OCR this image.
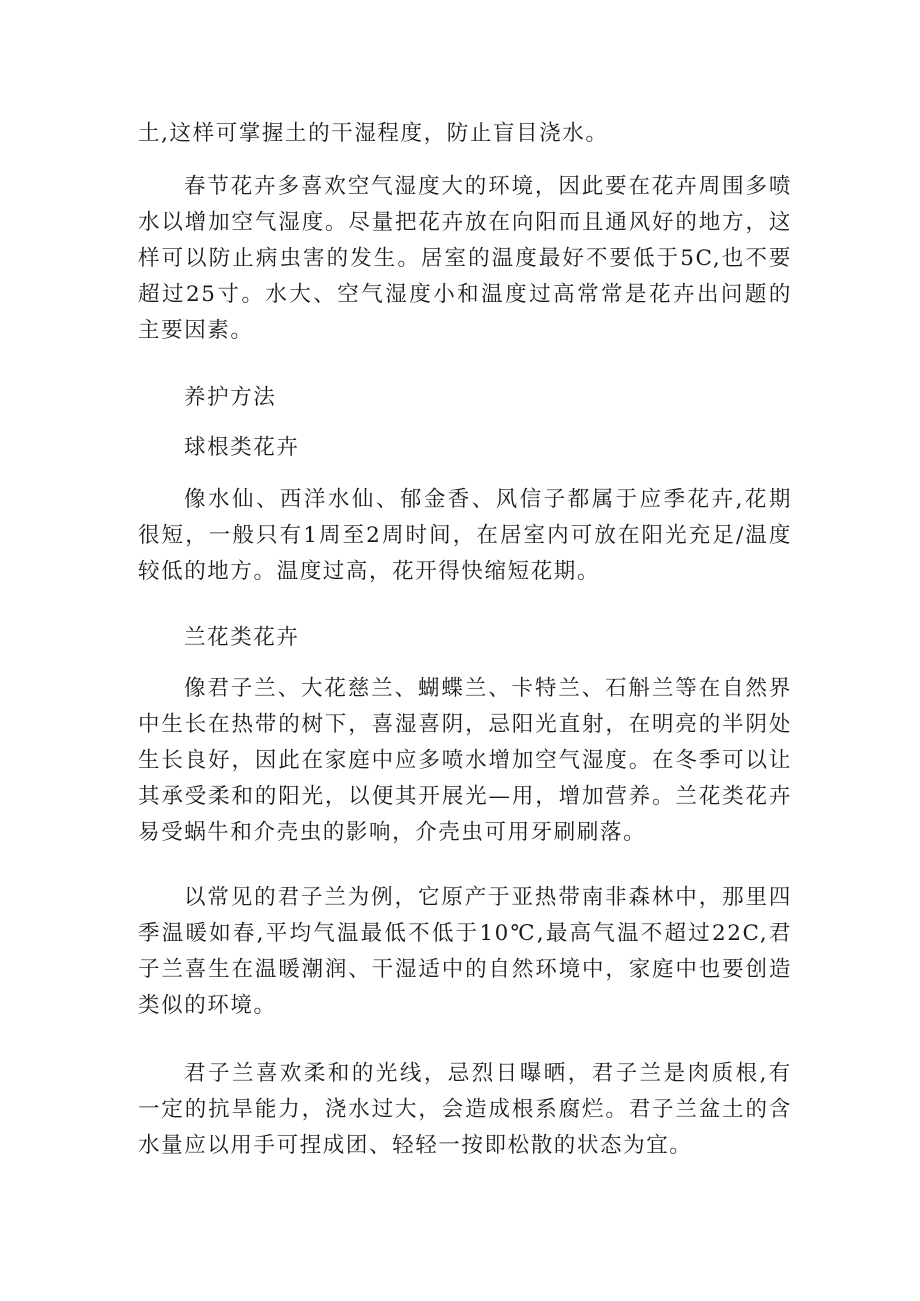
土,这样可掌握土的干湿程度，防止盲目浇水。

春节花卉多喜欢空气湿度大的环境，因此要在花卉周围多喷水以增加空气湿度。尽量把花卉放在向阳而且通风好的地方，这样可以防止病虫害的发生。居室的温度最好不要低于5C,也不要超过25寸。水大、空气湿度小和温度过高常常是花卉出问题的主要因素。

养护方法

球根类花卉

像水仙、西洋水仙、郁金香、风信子都属于应季花卉,花期很短，一般只有1周至2周时间，在居室内可放在阳光充足/温度较低的地方。温度过高，花开得快缩短花期。

兰花类花卉

像君子兰、大花慈兰、蝴蝶兰、卡特兰、石斛兰等在自然界中生长在热带的树下，喜湿喜阴，忌阳光直射，在明亮的半阴处生长良好，因此在家庭中应多喷水增加空气湿度。在冬季可以让其承受柔和的阳光，以便其开展光—用，增加营养。兰花类花卉易受蜗牛和介壳虫的影响，介壳虫可用牙刷刷落。

以常见的君子兰为例，它原产于亚热带南非森林中，那里四季温暖如春,平均气温最低不低于10℃,最高气温不超过22C,君子兰喜生在温暖潮润、干湿适中的自然环境中，家庭中也要创造类似的环境。

君子兰喜欢柔和的光线，忌烈日曝晒，君子兰是肉质根,有一定的抗旱能力，浇水过大，会造成根系腐烂。君子兰盆土的含水量应以用手可捏成团、轻轻一按即松散的状态为宜。
